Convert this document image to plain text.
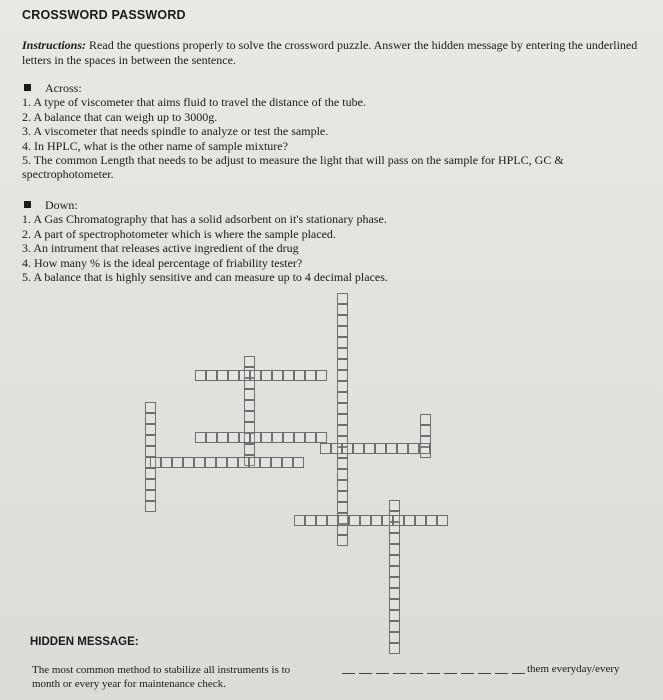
CROSSWORD PASSWORD
Instructions: Read the questions properly to solve the crossword puzzle. Answer the hidden message by entering the underlined letters in the spaces in between the sentence.
Across:
1. A type of viscometer that aims fluid to travel the distance of the tube.
2. A balance that can weigh up to 3000g.
3. A viscometer that needs spindle to analyze or test the sample.
4. In HPLC, what is the other name of sample mixture?
5. The common Length that needs to be adjust to measure the light that will pass on the sample for HPLC, GC & spectrophotometer.
Down:
1. A Gas Chromatography that has a solid adsorbent on it's stationary phase.
2. A part of spectrophotometer which is where the sample placed.
3. An intrument that releases active ingredient of the drug
4. How many % is the ideal percentage of friability tester?
5. A balance that is highly sensitive and can measure up to 4 decimal places.
HIDDEN MESSAGE:
The most common method to stabilize all instruments is to
month or every year for maintenance check.
them everyday/every
